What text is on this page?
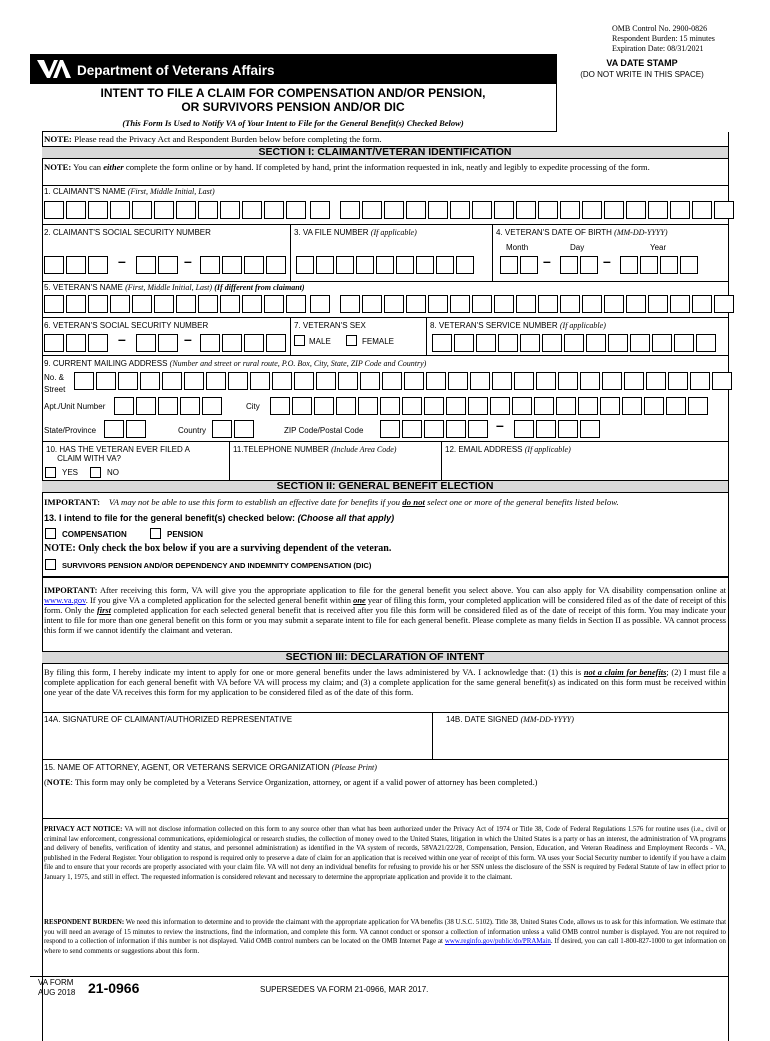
OMB Control No. 2900-0826
Respondent Burden: 15 minutes
Expiration Date: 08/31/2021
Department of Veterans Affairs	VA DATE STAMP
(DO NOT WRITE IN THIS SPACE)
INTENT TO FILE A CLAIM FOR COMPENSATION AND/OR PENSION,
OR SURVIVORS PENSION AND/OR DIC
(This Form Is Used to Notify VA of Your Intent to File for the General Benefit(s) Checked Below)
NOTE: Please read the Privacy Act and Respondent Burden below before completing the form.
SECTION I: CLAIMANT/VETERAN IDENTIFICATION
NOTE: You can either complete the form online or by hand. If completed by hand, print the information requested in ink, neatly and legibly to expedite processing of the form.
1. CLAIMANT'S NAME (First, Middle Initial, Last)
2. CLAIMANT'S SOCIAL SECURITY NUMBER	3. VA FILE NUMBER (If applicable)	4. VETERAN'S DATE OF BIRTH (MM-DD-YYYY)
Month	Day	Year
–	–	–	–
5. VETERAN'S NAME (First, Middle Initial, Last) (If different from claimant)
6. VETERAN'S SOCIAL SECURITY NUMBER	7. VETERAN'S SEX
MALE	FEMALE
8. VETERAN'S SERVICE NUMBER (If applicable)
–	–
9. CURRENT MAILING ADDRESS (Number and street or rural route, P.O. Box, City, State, ZIP Code and Country)
No. &
Street
Apt./Unit Number	City
State/Province	Country	ZIP Code/Postal Code	–
10. HAS THE VETERAN EVER FILED A
CLAIM WITH VA?
YES	NO
11.TELEPHONE NUMBER (Include Area Code)	12. EMAIL ADDRESS (If applicable)
SECTION II: GENERAL BENEFIT ELECTION
IMPORTANT: VA may not be able to use this form to establish an effective date for benefits if you do not select one or more of the general benefits listed below.
13. I intend to file for the general benefit(s) checked below: (Choose all that apply)
COMPENSATION	PENSION
NOTE: Only check the box below if you are a surviving dependent of the veteran.
SURVIVORS PENSION AND/OR DEPENDENCY AND INDEMNITY COMPENSATION (DIC)
IMPORTANT: After receiving this form, VA will give you the appropriate application to file for the general benefit you select above. You can also apply for VA disability compensation online at www.va.gov. If you give VA a completed application for the selected general benefit within one year of filing this form, your completed application will be considered filed as of the date of receipt of this form. Only the first completed application for each selected general benefit that is received after you file this form will be considered filed as of the date of receipt of this form. You may indicate your intent to file for more than one general benefit on this form or you may submit a separate intent to file for each general benefit. Please complete as many fields in Section II as possible. VA cannot process this form if we cannot identify the claimant and veteran.
SECTION III: DECLARATION OF INTENT
By filing this form, I hereby indicate my intent to apply for one or more general benefits under the laws administered by VA. I acknowledge that: (1) this is not a claim for benefits; (2) I must file a complete application for each general benefit with VA before VA will process my claim; and (3) a complete application for the same general benefit(s) as indicated on this form must be received within one year of the date VA receives this form for my application to be considered filed as of the date of this form.
14A. SIGNATURE OF CLAIMANT/AUTHORIZED REPRESENTATIVE	14B. DATE SIGNED (MM-DD-YYYY)
15. NAME OF ATTORNEY, AGENT, OR VETERANS SERVICE ORGANIZATION (Please Print)
(NOTE: This form may only be completed by a Veterans Service Organization, attorney, or agent if a valid power of attorney has been completed.)
PRIVACY ACT NOTICE: VA will not disclose information collected on this form to any source other than what has been authorized under the Privacy Act of 1974 or Title 38, Code of Federal Regulations 1.576 for routine uses (i.e., civil or criminal law enforcement, congressional communications, epidemiological or research studies, the collection of money owed to the United States, litigation in which the United States is a party or has an interest, the administration of VA programs and delivery of benefits, verification of identity and status, and personnel administration) as identified in the VA system of records, 58VA21/22/28, Compensation, Pension, Education, and Veteran Readiness and Employment Records - VA, published in the Federal Register. Your obligation to respond is required only to preserve a date of claim for an application that is received within one year of receipt of this form. VA uses your Social Security number to identify if you have a claim file and to ensure that your records are properly associated with your claim file. VA will not deny an individual benefits for refusing to provide his or her SSN unless the disclosure of the SSN is required by Federal Statute of law in effect prior to January 1, 1975, and still in effect. The requested information is considered relevant and necessary to determine the appropriate application and provide it to the claimant.
RESPONDENT BURDEN: We need this information to determine and to provide the claimant with the appropriate application for VA benefits (38 U.S.C. 5102). Title 38, United States Code, allows us to ask for this information. We estimate that you will need an average of 15 minutes to review the instructions, find the information, and complete this form. VA cannot conduct or sponsor a collection of information unless a valid OMB control number is displayed. You are not required to respond to a collection of information if this number is not displayed. Valid OMB control numbers can be located on the OMB Internet Page at www.reginfo.gov/public/do/PRAMain. If desired, you can call 1-800-827-1000 to get information on where to send comments or suggestions about this form.
VA FORM
AUG 2018 21-0966	SUPERSEDES VA FORM 21-0966, MAR 2017.
